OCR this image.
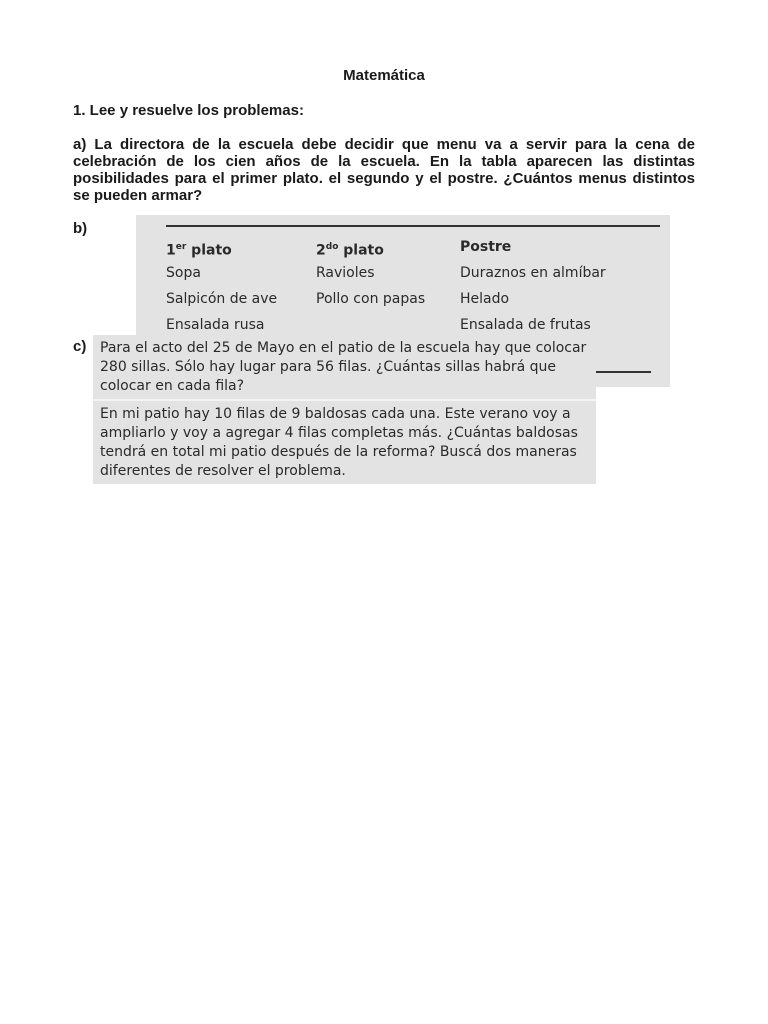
Matemática
1. Lee y resuelve los problemas:
a) La directora de la escuela debe decidir que menu va a servir para la cena de celebración de los cien años de la escuela. En la tabla aparecen las distintas posibilidades para el primer plato. el segundo y el postre. ¿Cuántos menus distintos se pueden armar?
b)
1er plato
Sopa
Salpicón de ave
Ensalada rusa
$2^{do}$ plato
Ravioles
Pollo con papas
Postre
Duraznos en almíbar
Helado
Ensalada de frutas
c) Para el acto del 25 de Mayo en el patio de la escuela hay que colocar 280 sillas. Sólo hay lugar para 56 filas. ¿Cuántas sillas habrá que colocar en cada fila?
En mi patio hay 10 filas de 9 baldosas cada una. Este verano voy a ampliarlo y voy a agregar 4 filas completas más. ¿Cuántas baldosas tendrá en total mi patio después de la reforma? Buscá dos maneras diferentes de resolver el problema.
